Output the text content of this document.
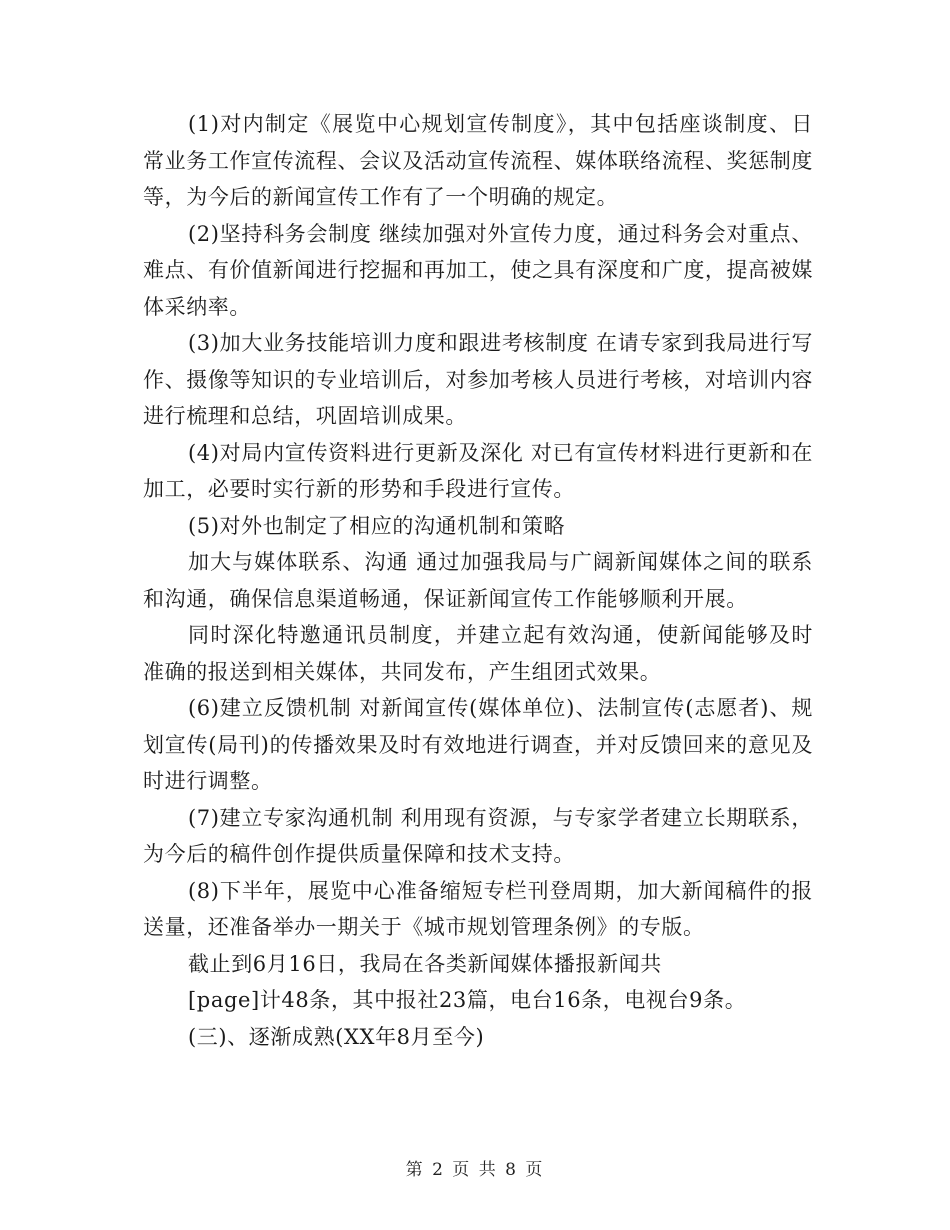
(1)对内制定《展览中心规划宣传制度》，其中包括座谈制度、日常业务工作宣传流程、会议及活动宣传流程、媒体联络流程、奖惩制度等，为今后的新闻宣传工作有了一个明确的规定。

(2)坚持科务会制度 继续加强对外宣传力度，通过科务会对重点、难点、有价值新闻进行挖掘和再加工，使之具有深度和广度，提高被媒体采纳率。

(3)加大业务技能培训力度和跟进考核制度 在请专家到我局进行写作、摄像等知识的专业培训后，对参加考核人员进行考核，对培训内容进行梳理和总结，巩固培训成果。

(4)对局内宣传资料进行更新及深化 对已有宣传材料进行更新和在加工，必要时实行新的形势和手段进行宣传。

(5)对外也制定了相应的沟通机制和策略

加大与媒体联系、沟通 通过加强我局与广阔新闻媒体之间的联系和沟通，确保信息渠道畅通，保证新闻宣传工作能够顺利开展。

同时深化特邀通讯员制度，并建立起有效沟通，使新闻能够及时准确的报送到相关媒体，共同发布，产生组团式效果。

(6)建立反馈机制 对新闻宣传(媒体单位)、法制宣传(志愿者)、规划宣传(局刊)的传播效果及时有效地进行调查，并对反馈回来的意见及时进行调整。

(7)建立专家沟通机制 利用现有资源，与专家学者建立长期联系，为今后的稿件创作提供质量保障和技术支持。

(8)下半年，展览中心准备缩短专栏刊登周期，加大新闻稿件的报送量，还准备举办一期关于《城市规划管理条例》的专版。

截止到6月16日，我局在各类新闻媒体播报新闻共

[page]计48条，其中报社23篇，电台16条，电视台9条。

(三)、逐渐成熟(XX年8月至今)

第 2 页 共 8 页
